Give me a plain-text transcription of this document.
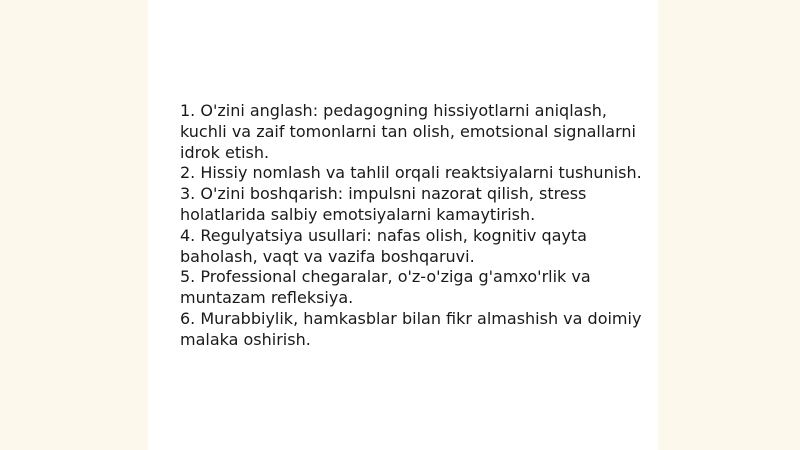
1. O'zini anglash: pedagogning hissiyotlarni aniqlash, kuchli va zaif tomonlarni tan olish, emotsional signallarni idrok etish.

2. Hissiy nomlash va tahlil orqali reaktsiyalarni tushunish.

3. O'zini boshqarish: impulsni nazorat qilish, stress holatlarida salbiy emotsiyalarni kamaytirish.

4. Regulyatsiya usullari: nafas olish, kognitiv qayta baholash, vaqt va vazifa boshqaruvi.

5. Professional chegaralar, o'z-o'ziga g'amxo'rlik va muntazam refleksiya.

6. Murabbiylik, hamkasblar bilan fikr almashish va doimiy malaka oshirish.
